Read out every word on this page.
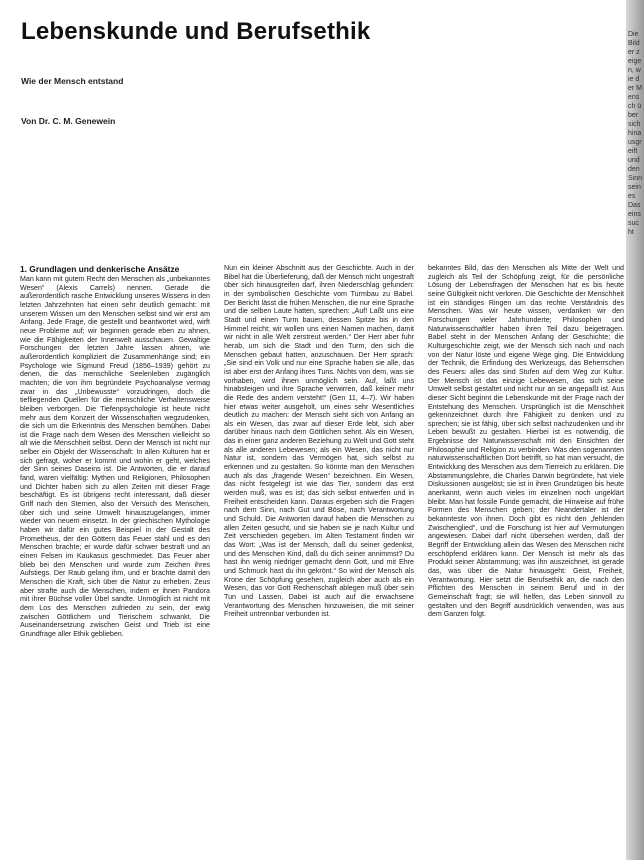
Lebenskunde und Berufsethik
Wie der Mensch entstand
Von Dr. C. M. Genewein
1. Grundlagen und denkerische Ansätze

Man kann mit gutem Recht den Menschen als „unbekanntes Wesen“ (Alexis Carrels) nennen. Gerade die außerordentlich rasche Entwicklung unseres Wissens in den letzten Jahrzehnten hat einen sehr deutlich gemacht: mit unserem Wissen um den Menschen selbst sind wir erst am Anfang. Jede Frage, die gestellt und beantwortet wird, wirft neue Probleme auf; wir beginnen gerade eben zu ahnen, wie die Fähigkeiten der Innenwelt ausschauen. Gewaltige Forschungen der letzten Jahre lassen ahnen, wie außerordentlich kompliziert die Zusammenhänge sind; ein Psychologe wie Sigmund Freud (1856–1939) gehört zu denen, die das menschliche Seelenleben zugänglich machten; die von ihm begründete Psychoanalyse vermag zwar in das „Unbewusste“ vorzudringen, doch die tiefliegenden Quellen für die menschliche Verhaltensweise bleiben verborgen. Die Tiefenpsychologie ist heute nicht mehr aus dem Konzert der Wissenschaften wegzudenken, die sich um die Erkenntnis des Menschen bemühen. Dabei ist die Frage nach dem Wesen des Menschen vielleicht so alt wie die Menschheit selbst. Denn der Mensch ist nicht nur selber ein Objekt der Wissenschaft: In allen Kulturen hat er sich gefragt, woher er kommt und wohin er geht, welches der Sinn seines Daseins ist. Die Antworten, die er darauf fand, waren vielfältig: Mythen und Religionen, Philosophen und Dichter haben sich zu allen Zeiten mit dieser Frage beschäftigt. Es ist übrigens recht interessant, daß dieser Griff nach den Sternen, also der Versuch des Menschen, über sich und seine Umwelt hinauszugelangen, immer wieder von neuem einsetzt. In der griechischen Mythologie haben wir dafür ein gutes Beispiel in der Gestalt des Prometheus, der den Göttern das Feuer stahl und es den Menschen brachte; er wurde dafür schwer bestraft und an einen Felsen im Kaukasus geschmiedet. Das Feuer aber blieb bei den Menschen und wurde zum Zeichen ihres Aufstiegs. Der Raub gelang ihm, und er brachte damit den Menschen die Kraft, sich über die Natur zu erheben. Zeus aber strafte auch die Menschen, indem er ihnen Pandora mit ihrer Büchse voller Übel sandte. Unmöglich ist nicht mit dem Los des Menschen zufrieden zu sein, der ewig zwischen Göttlichem und Tierischem schwankt. Die Auseinandersetzung zwischen Geist und Trieb ist eine Grundfrage aller Ethik geblieben.

Nun ein kleiner Abschnitt aus der Geschichte. Auch in der Bibel hat die Überlieferung, daß der Mensch nicht ungestraft über sich hinausgreifen darf, ihren Niederschlag gefunden: in der symbolischen Geschichte vom Turmbau zu Babel. Der Bericht lässt die frühen Menschen, die nur eine Sprache und die selben Laute hatten, sprechen: „Auf! Laßt uns eine Stadt und einen Turm bauen, dessen Spitze bis in den Himmel reicht; wir wollen uns einen Namen machen, damit wir nicht in alle Welt zerstreut werden.“ Der Herr aber fuhr herab, um sich die Stadt und den Turm, den sich die Menschen gebaut hatten, anzuschauen. Der Herr sprach: „Sie sind ein Volk und nur eine Sprache haben sie alle, das ist aber erst der Anfang ihres Tuns. Nichts von dem, was sie vorhaben, wird ihnen unmöglich sein. Auf, laßt uns hinabsteigen und ihre Sprache verwirren, daß keiner mehr die Rede des andern versteht!“ (Gen 11, 4–7). Wir haben hier etwas weiter ausgeholt, um eines sehr Wesentliches deutlich zu machen: der Mensch sieht sich von Anfang an als ein Wesen, das zwar auf dieser Erde lebt, sich aber darüber hinaus nach dem Göttlichen sehnt. Als ein Wesen, das in einer ganz anderen Beziehung zu Welt und Gott steht als alle anderen Lebewesen; als ein Wesen, das nicht nur Natur ist, sondern das Vermögen hat, sich selbst zu erkennen und zu gestalten. So könnte man den Menschen auch als das „fragende Wesen“ bezeichnen. Ein Wesen, das nicht festgelegt ist wie das Tier, sondern das erst werden muß, was es ist; das sich selbst entwerfen und in Freiheit entscheiden kann. Daraus ergeben sich die Fragen nach dem Sinn, nach Gut und Böse, nach Verantwortung und Schuld. Die Antworten darauf haben die Menschen zu allen Zeiten gesucht, und sie haben sie je nach Kultur und Zeit verschieden gegeben. Im Alten Testament finden wir das Wort: „Was ist der Mensch, daß du seiner gedenkst, und des Menschen Kind, daß du dich seiner annimmst? Du hast ihn wenig niedriger gemacht denn Gott, und mit Ehre und Schmuck hast du ihn gekrönt.“ So wird der Mensch als Krone der Schöpfung gesehen, zugleich aber auch als ein Wesen, das vor Gott Rechenschaft ablegen muß über sein Tun und Lassen. Dabei ist auch auf die erwachsene Verantwortung des Menschen hinzuweisen, die mit seiner Freiheit untrennbar verbunden ist.

bekanntes Bild, das den Menschen als Mitte der Welt und zugleich als Teil der Schöpfung zeigt, für die persönliche Lösung der Lebensfragen der Menschen hat es bis heute seine Gültigkeit nicht verloren. Die Geschichte der Menschheit ist ein ständiges Ringen um das rechte Verständnis des Menschen. Was wir heute wissen, verdanken wir den Forschungen vieler Jahrhunderte; Philosophen und Naturwissenschaftler haben ihren Teil dazu beigetragen. Babel steht in der Menschen Anfang der Geschichte; die Kulturgeschichte zeigt, wie der Mensch sich nach und nach von der Natur löste und eigene Wege ging. Die Entwicklung der Technik, die Erfindung des Werkzeugs, das Beherrschen des Feuers: alles das sind Stufen auf dem Weg zur Kultur. Der Mensch ist das einzige Lebewesen, das sich seine Umwelt selbst gestaltet und nicht nur an sie angepaßt ist. Aus dieser Sicht beginnt die Lebenskunde mit der Frage nach der Entstehung des Menschen. Ursprünglich ist die Menschheit gekennzeichnet durch ihre Fähigkeit zu denken und zu sprechen; sie ist fähig, über sich selbst nachzudenken und ihr Leben bewußt zu gestalten. Hierbei ist es notwendig, die Ergebnisse der Naturwissenschaft mit den Einsichten der Philosophie und Religion zu verbinden. Was den sogenannten naturwissenschaftlichen Dort betrifft, so hat man versucht, die Entwicklung des Menschen aus dem Tierreich zu erklären. Die Abstammungslehre, die Charles Darwin begründete, hat viele Diskussionen ausgelöst; sie ist in ihren Grundzügen bis heute anerkannt, wenn auch vieles im einzelnen noch ungeklärt bleibt. Man hat fossile Funde gemacht, die Hinweise auf frühe Formen des Menschen geben; der Neandertaler ist der bekannteste von ihnen. Doch gibt es nicht den „fehlenden Zwischenglied“, und die Forschung ist hier auf Vermutungen angewiesen. Dabei darf nicht übersehen werden, daß der Begriff der Entwicklung allein das Wesen des Menschen nicht erschöpfend erklären kann. Der Mensch ist mehr als das Produkt seiner Abstammung; was ihn auszeichnet, ist gerade das, was über die Natur hinausgeht: Geist, Freiheit, Verantwortung. Hier setzt die Berufsethik an, die nach den Pflichten des Menschen in seinem Beruf und in der Gemeinschaft fragt; sie will helfen, das Leben sinnvoll zu gestalten und den Begriff ausdrücklich verwenden, was aus dem Ganzen folgt.

Die Bilder zeigen, wie der Mensch über sich hinausgreift und den Sinn seines Daseins sucht
